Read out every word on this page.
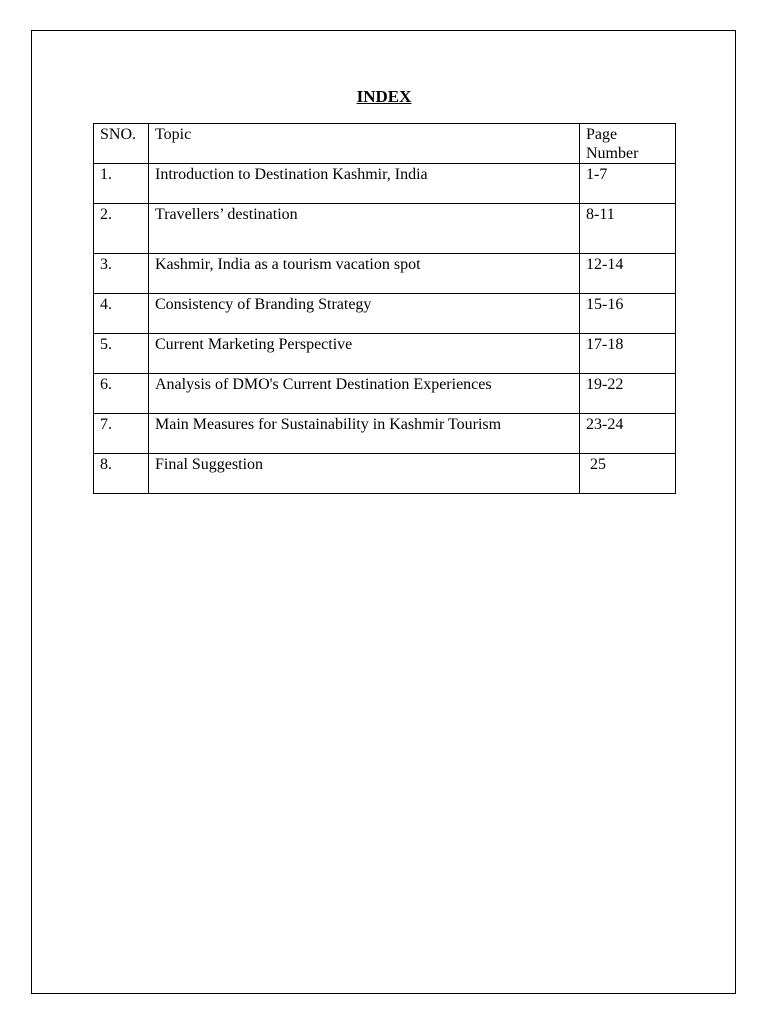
INDEX
SNO.	Topic	Page Number
1.	Introduction to Destination Kashmir, India	1-7
2.	Travellers’ destination	8-11
3.	Kashmir, India as a tourism vacation spot	12-14
4.	Consistency of Branding Strategy	15-16
5.	Current Marketing Perspective	17-18
6.	Analysis of DMO's Current Destination Experiences	19-22
7.	Main Measures for Sustainability in Kashmir Tourism	23-24
8.	Final Suggestion	25
